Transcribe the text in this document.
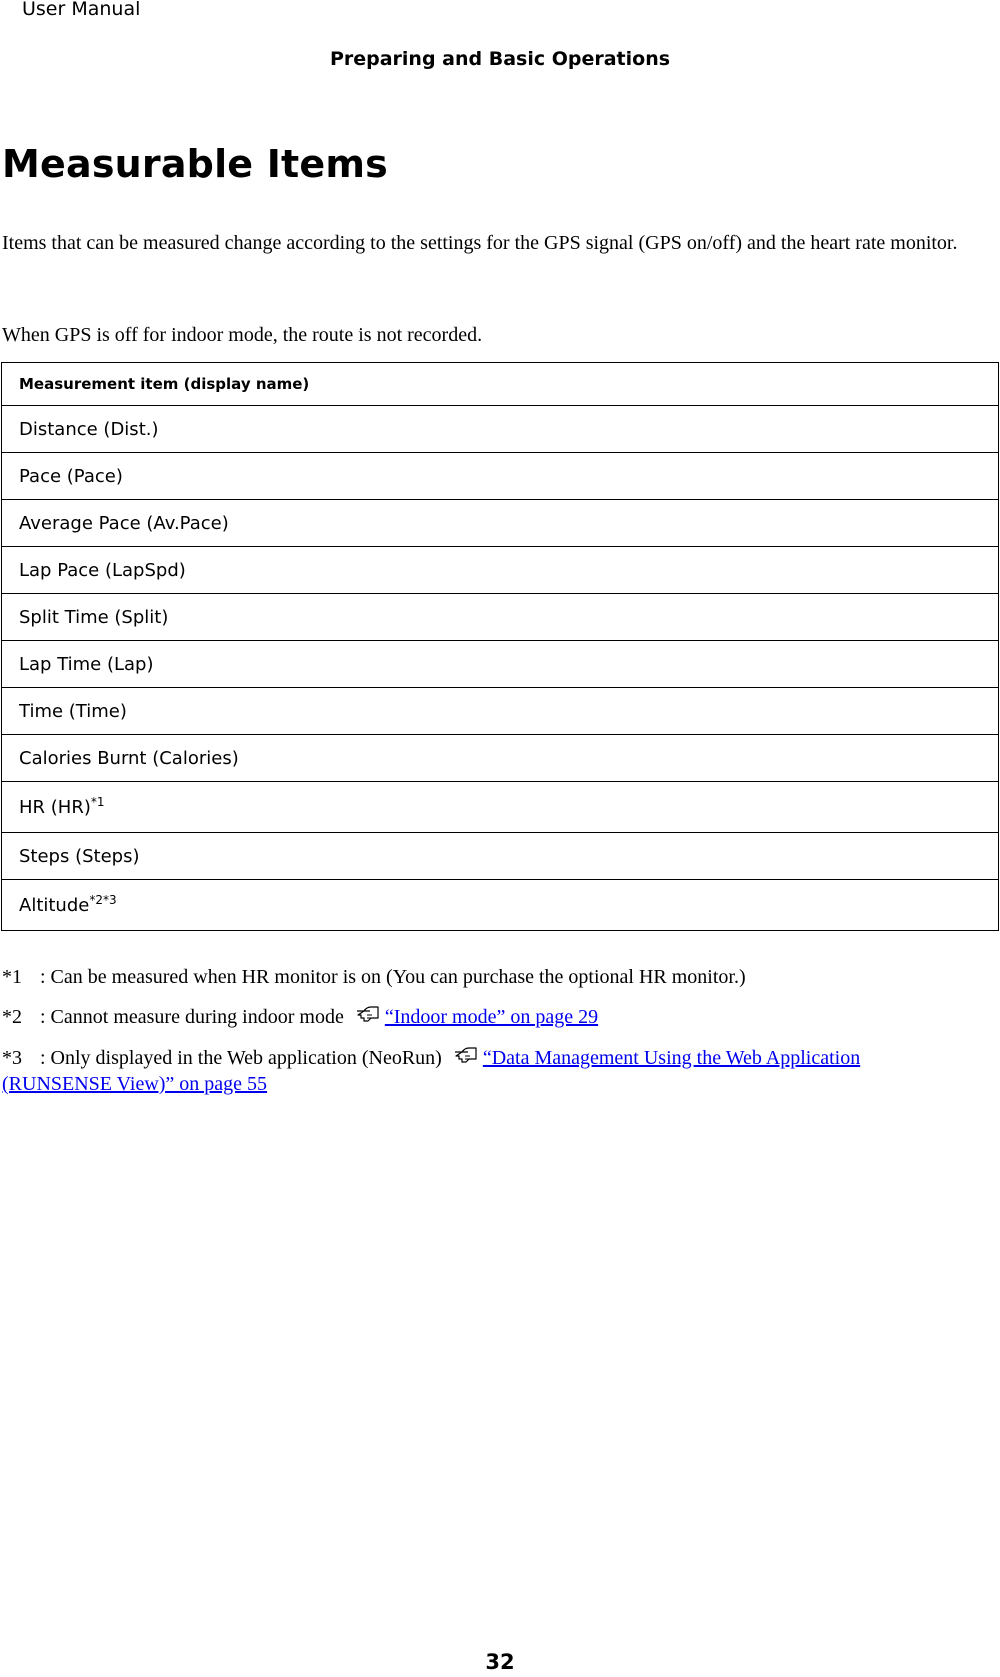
User Manual
Preparing and Basic Operations
Measurable Items

Items that can be measured change according to the settings for the GPS signal (GPS on/off) and the heart rate monitor.

When GPS is off for indoor mode, the route is not recorded.

Measurement item (display name)
Distance (Dist.)
Pace (Pace)
Average Pace (Av.Pace)
Lap Pace (LapSpd)
Split Time (Split)
Lap Time (Lap)
Time (Time)
Calories Burnt (Calories)
HR (HR)$^{*1}$
Steps (Steps)
Altitude$^{*2*3}$
*1 : Can be measured when HR monitor is on (You can purchase the optional HR monitor.)
*2 : Cannot measure during indoor mode “Indoor mode” on page 29
*3 : Only displayed in the Web application (NeoRun) “Data Management Using the Web Application (RUNSENSE View)” on page 55
32
